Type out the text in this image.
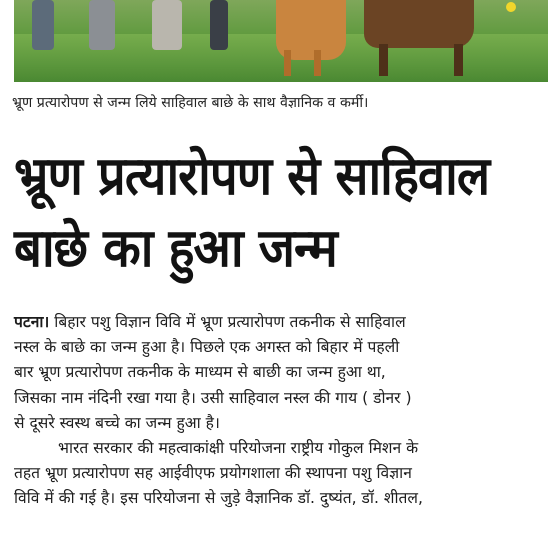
भ्रूण प्रत्यारोपण से जन्म लिये साहिवाल बाछे के साथ वैज्ञानिक व कर्मी।
भ्रूण प्रत्यारोपण से साहिवाल
बाछे का हुआ जन्म
पटना। बिहार पशु विज्ञान विवि में भ्रूण प्रत्यारोपण तकनीक से साहिवाल
नस्ल के बाछे का जन्म हुआ है। पिछले एक अगस्त को बिहार में पहली
बार भ्रूण प्रत्यारोपण तकनीक के माध्यम से बाछी का जन्म हुआ था,
जिसका नाम नंदिनी रखा गया है। उसी साहिवाल नस्ल की गाय ( डोनर )
से दूसरे स्वस्थ बच्चे का जन्म हुआ है।
भारत सरकार की महत्वाकांक्षी परियोजना राष्ट्रीय गोकुल मिशन के
तहत भ्रूण प्रत्यारोपण सह आईवीएफ प्रयोगशाला की स्थापना पशु विज्ञान
विवि में की गई है। इस परियोजना से जुड़े वैज्ञानिक डॉ. दुष्यंत, डॉ. शीतल,
